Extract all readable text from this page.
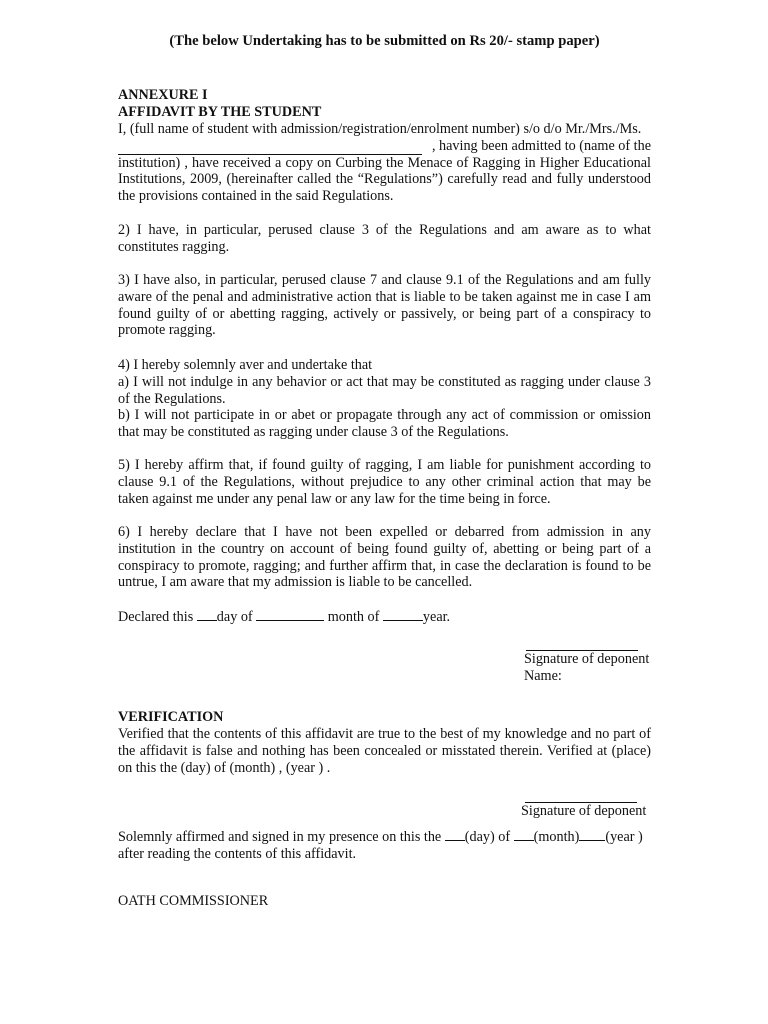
(The below Undertaking has to be submitted on Rs 20/- stamp paper)

ANNEXURE I

AFFIDAVIT BY THE STUDENT

I, (full name of student with admission/registration/enrolment number) s/o d/o Mr./Mrs./Ms.
, having been admitted to (name of the
institution) , have received a copy on Curbing the Menace of Ragging in Higher Educational Institutions, 2009, (hereinafter called the “Regulations”) carefully read and fully understood the provisions contained in the said Regulations.

2) I have, in particular, perused clause 3 of the Regulations and am aware as to what constitutes ragging.

3) I have also, in particular, perused clause 7 and clause 9.1 of the Regulations and am fully aware of the penal and administrative action that is liable to be taken against me in case I am found guilty of or abetting ragging, actively or passively, or being part of a conspiracy to promote ragging.

4) I hereby solemnly aver and undertake that
a) I will not indulge in any behavior or act that may be constituted as ragging under clause 3 of the Regulations.
b) I will not participate in or abet or propagate through any act of commission or omission that may be constituted as ragging under clause 3 of the Regulations.

5) I hereby affirm that, if found guilty of ragging, I am liable for punishment according to clause 9.1 of the Regulations, without prejudice to any other criminal action that may be taken against me under any penal law or any law for the time being in force.

6) I hereby declare that I have not been expelled or debarred from admission in any institution in the country on account of being found guilty of, abetting or being part of a conspiracy to promote, ragging; and further affirm that, in case the declaration is found to be untrue, I am aware that my admission is liable to be cancelled.

Declared this day of	month of	year.

Signature of deponent
Name:

VERIFICATION

Verified that the contents of this affidavit are true to the best of my knowledge and no part of the affidavit is false and nothing has been concealed or misstated therein. Verified at (place) on this the (day) of (month) , (year ) .

Signature of deponent
Solemnly affirmed and signed in my presence on this the (day) of (month) (year )
after reading the contents of this affidavit.

OATH COMMISSIONER
